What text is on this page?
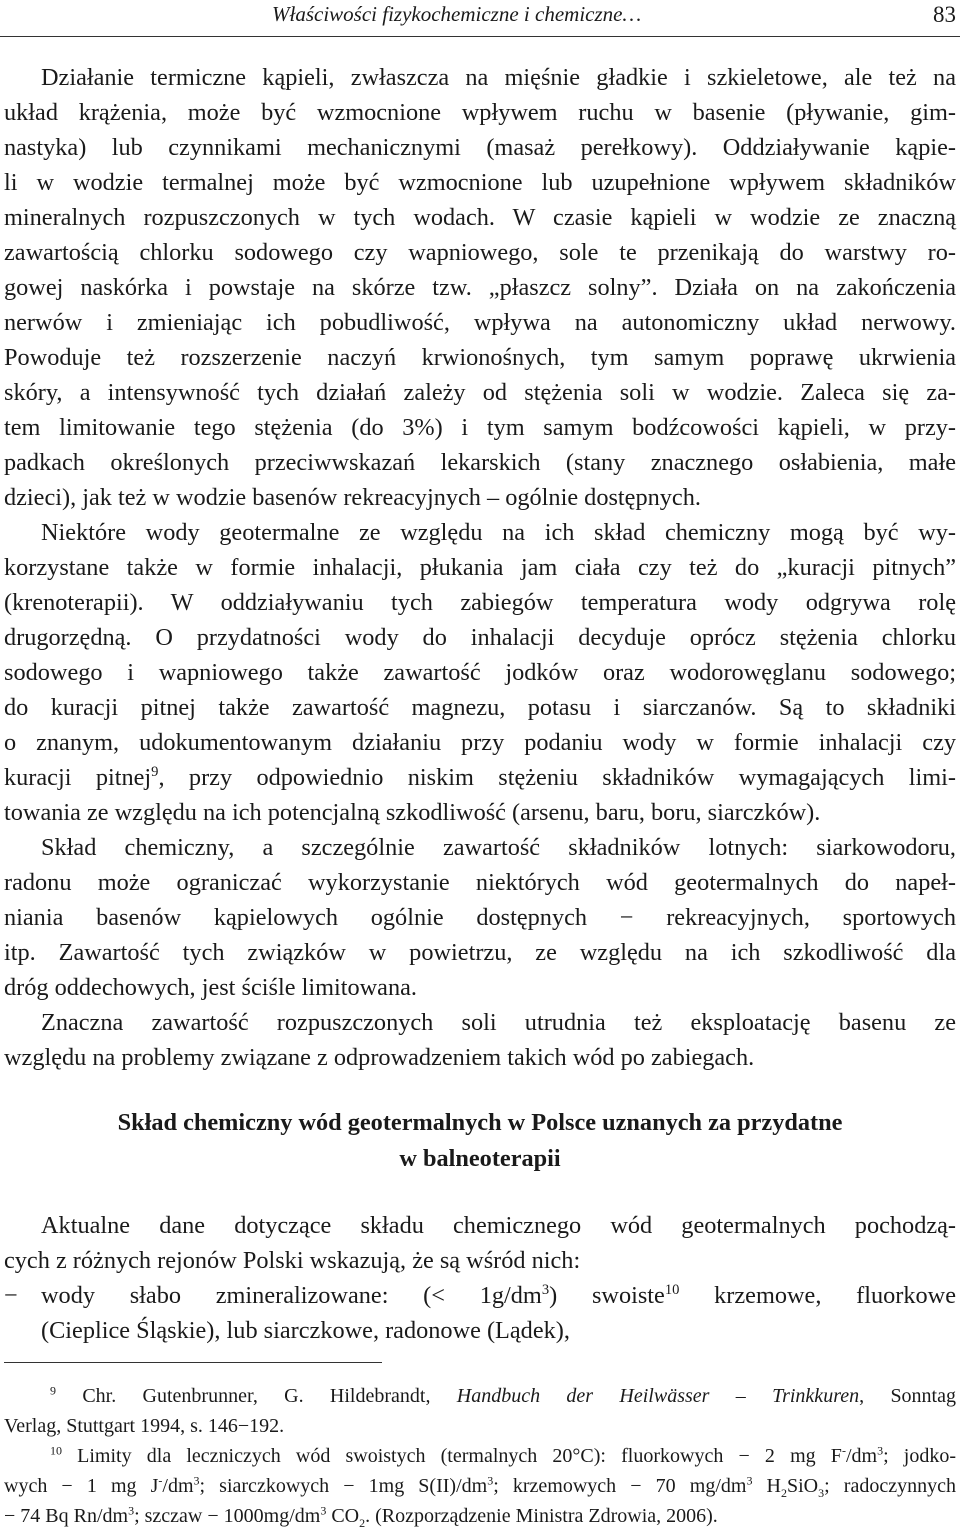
Właściwości fizykochemiczne i chemiczne…	83
Działanie termiczne kąpieli, zwłaszcza na mięśnie gładkie i szkieletowe, ale też na
układ krążenia, może być wzmocnione wpływem ruchu w basenie (pływanie, gim-
nastyka) lub czynnikami mechanicznymi (masaż perełkowy). Oddziaływanie kąpie-
li w wodzie termalnej może być wzmocnione lub uzupełnione wpływem składników
mineralnych rozpuszczonych w tych wodach. W czasie kąpieli w wodzie ze znaczną
zawartością chlorku sodowego czy wapniowego, sole te przenikają do warstwy ro-
gowej naskórka i powstaje na skórze tzw. „płaszcz solny”. Działa on na zakończenia
nerwów i zmieniając ich pobudliwość, wpływa na autonomiczny układ nerwowy.
Powoduje też rozszerzenie naczyń krwionośnych, tym samym poprawę ukrwienia
skóry, a intensywność tych działań zależy od stężenia soli w wodzie. Zaleca się za-
tem limitowanie tego stężenia (do 3%) i tym samym bodźcowości kąpieli, w przy-
padkach określonych przeciwwskazań lekarskich (stany znacznego osłabienia, małe
dzieci), jak też w wodzie basenów rekreacyjnych – ogólnie dostępnych.
Niektóre wody geotermalne ze względu na ich skład chemiczny mogą być wy-
korzystane także w formie inhalacji, płukania jam ciała czy też do „kuracji pitnych”
(krenoterapii). W oddziaływaniu tych zabiegów temperatura wody odgrywa rolę
drugorzędną. O przydatności wody do inhalacji decyduje oprócz stężenia chlorku
sodowego i wapniowego także zawartość jodków oraz wodorowęglanu sodowego;
do kuracji pitnej także zawartość magnezu, potasu i siarczanów. Są to składniki
o znanym, udokumentowanym działaniu przy podaniu wody w formie inhalacji czy
kuracji pitnej$^9$, przy odpowiednio niskim stężeniu składników wymagających limi-
towania ze względu na ich potencjalną szkodliwość (arsenu, baru, boru, siarczków).
Skład chemiczny, a szczególnie zawartość składników lotnych: siarkowodoru,
radonu może ograniczać wykorzystanie niektórych wód geotermalnych do napeł-
niania basenów kąpielowych ogólnie dostępnych − rekreacyjnych, sportowych
itp. Zawartość tych związków w powietrzu, ze względu na ich szkodliwość dla
dróg oddechowych, jest ściśle limitowana.
Znaczna zawartość rozpuszczonych soli utrudnia też eksploatację basenu ze
względu na problemy związane z odprowadzeniem takich wód po zabiegach.
Skład chemiczny wód geotermalnych w Polsce uznanych za przydatne
w balneoterapii
Aktualne dane dotyczące składu chemicznego wód geotermalnych pochodzą-
cych z różnych rejonów Polski wskazują, że są wśród nich:
− wody słabo zmineralizowane: (< $1g/dm^3$) swoiste$^{10}$ krzemowe, fluorkowe
(Cieplice Śląskie), lub siarczkowe, radonowe (Lądek),
$^9$ Chr. Gutenbrunner, G. Hildebrandt, Handbuch der Heilwässer – Trinkkuren, Sonntag
Verlag, Stuttgart 1994, s. 146−192.
$^{10}$ Limity dla leczniczych wód swoistych (termalnych 20°C): fluorkowych − 2 mg $F^-/dm^3$; jodko-
wych − 1 mg $J^-/dm^3$; siarczkowych − 1mg $S(II)/dm^3$; krzemowych − 70 $mg/dm^3$ $H_2SiO_3$; radoczynnych
− 74 Bq $Rn/dm^3$; szczaw − $1000mg/dm^3$ $CO_2$. (Rozporządzenie Ministra Zdrowia, 2006).
